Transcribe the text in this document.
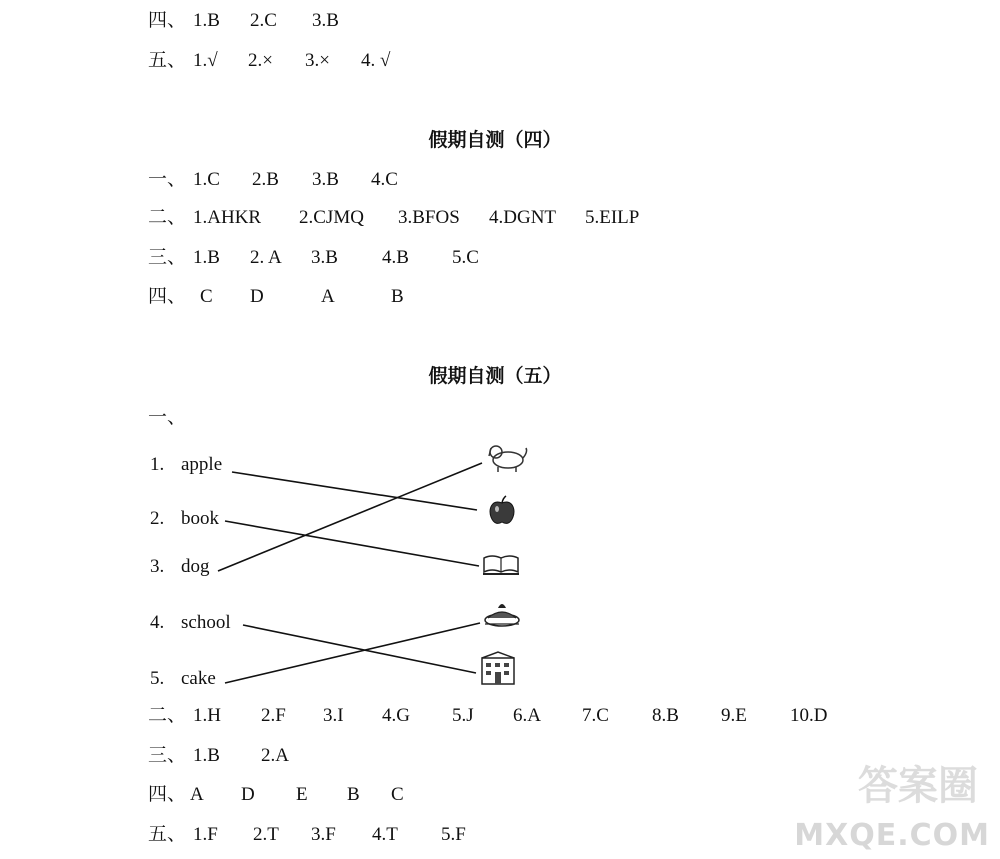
四、 1.B 2.C 3.B
五、 1.√ 2.× 3.× 4. √
假期自测（四）
一、 1.C 2.B 3.B 4.C
二、 1.AHKR 2.CJMQ 3.BFOS 4.DGNT 5.EILP
三、 1.B 2. A 3.B 4.B 5.C
四、 C D	A	B
假期自测（五）
一、
1. apple
2. book
3. dog
4. school
5. cake
二、 1.H 2.F 3.I 4.G 5.J 6.A 7.C 8.B 9.E 10.D
三、 1.B 2.A
四、 A D E B C
五、 1.F 2.T 3.F 4.T 5.F
答案圈
MXQE.COM
